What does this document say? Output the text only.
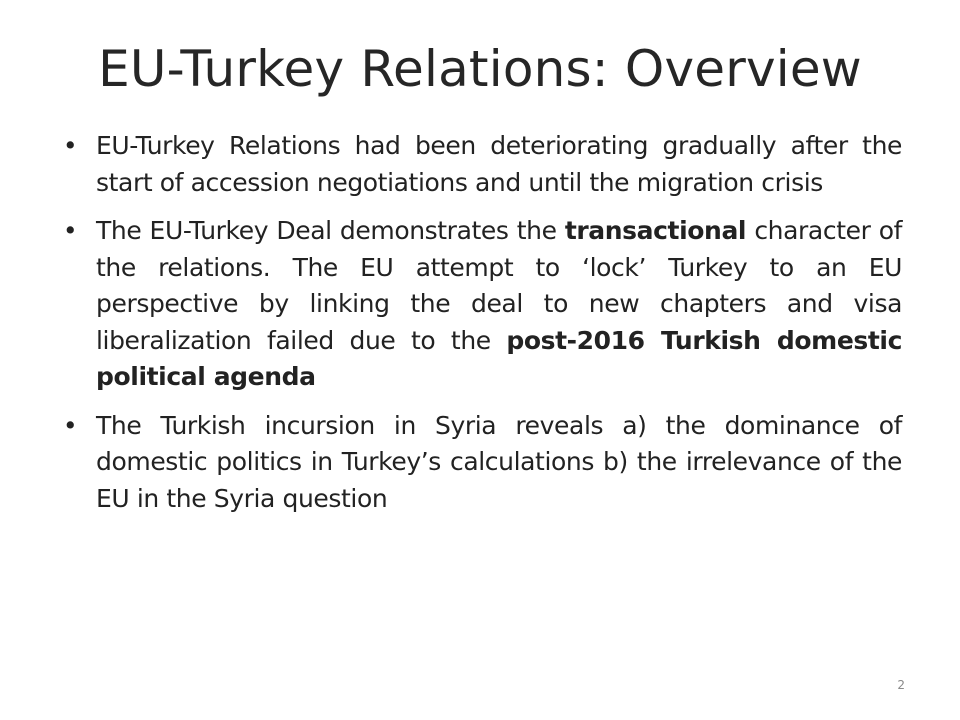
EU-Turkey Relations: Overview
• EU-Turkey Relations had been deteriorating gradually after the start of accession negotiations and until the migration crisis
• The EU-Turkey Deal demonstrates the transactional character of the relations. The EU attempt to ‘lock’ Turkey to an EU perspective by linking the deal to new chapters and visa liberalization failed due to the post-2016 Turkish domestic political agenda
• The Turkish incursion in Syria reveals a) the dominance of domestic politics in Turkey’s calculations b) the irrelevance of the EU in the Syria question
2
